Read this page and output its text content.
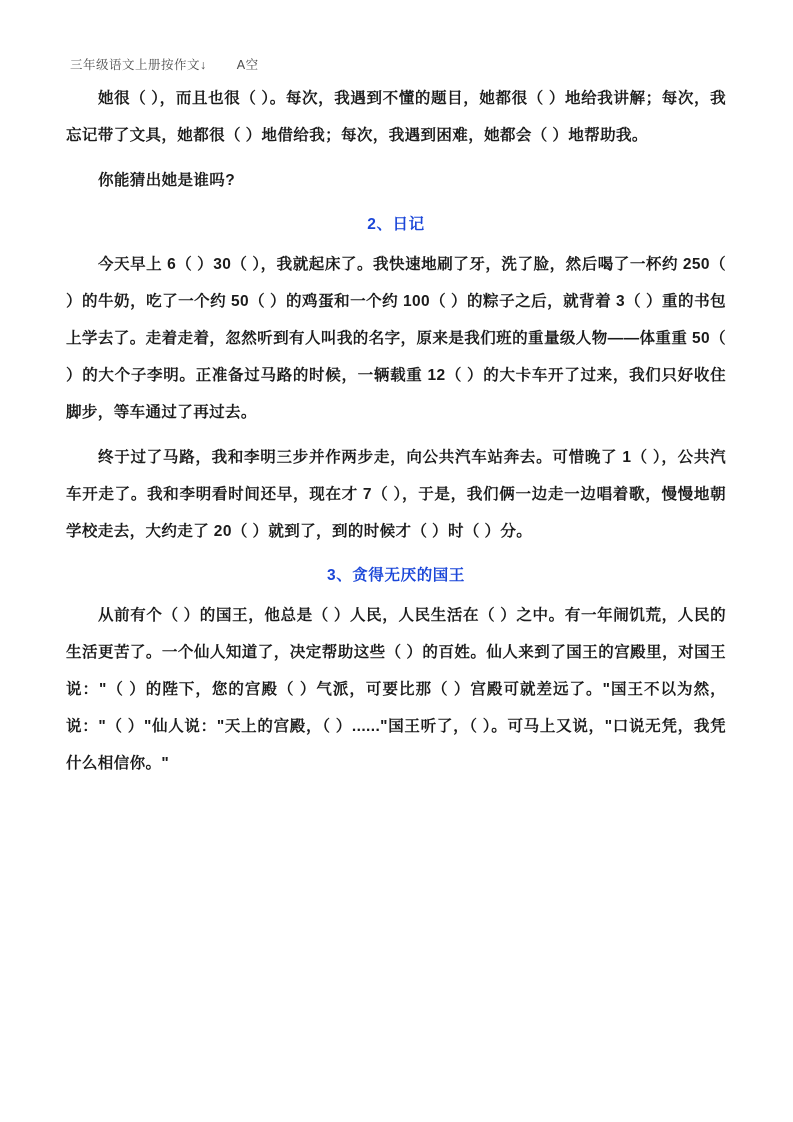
三年级语文上册按作文↓ A空

她很（ ），而且也很（ ）。每次，我遇到不懂的题目，她都很（ ）地给我讲解；每次，我忘记带了文具，她都很（ ）地借给我；每次，我遇到困难，她都会（ ）地帮助我。

你能猜出她是谁吗?

2、日记

今天早上 6（ ）30（ ），我就起床了。我快速地刷了牙，洗了脸，然后喝了一杯约 250（ ）的牛奶，吃了一个约 50（ ）的鸡蛋和一个约 100（ ）的粽子之后，就背着 3（ ）重的书包上学去了。走着走着，忽然听到有人叫我的名字，原来是我们班的重量级人物——体重重 50（ ）的大个子李明。正准备过马路的时候，一辆载重 12（ ）的大卡车开了过来，我们只好收住脚步，等车通过了再过去。

终于过了马路，我和李明三步并作两步走，向公共汽车站奔去。可惜晚了 1（ ），公共汽车开走了。我和李明看时间还早，现在才 7（ ），于是，我们俩一边走一边唱着歌，慢慢地朝学校走去，大约走了 20（ ）就到了，到的时候才（ ）时（ ）分。

3、贪得无厌的国王

从前有个（ ）的国王，他总是（ ）人民，人民生活在（ ）之中。有一年闹饥荒，人民的生活更苦了。一个仙人知道了，决定帮助这些（ ）的百姓。仙人来到了国王的宫殿里，对国王说："（ ）的陛下，您的宫殿（ ）气派，可要比那（ ）宫殿可就差远了。"国王不以为然，说："（ ）"仙人说："天上的宫殿，（ ）......"国王听了，（ ）。可马上又说，"口说无凭，我凭什么相信你。"
